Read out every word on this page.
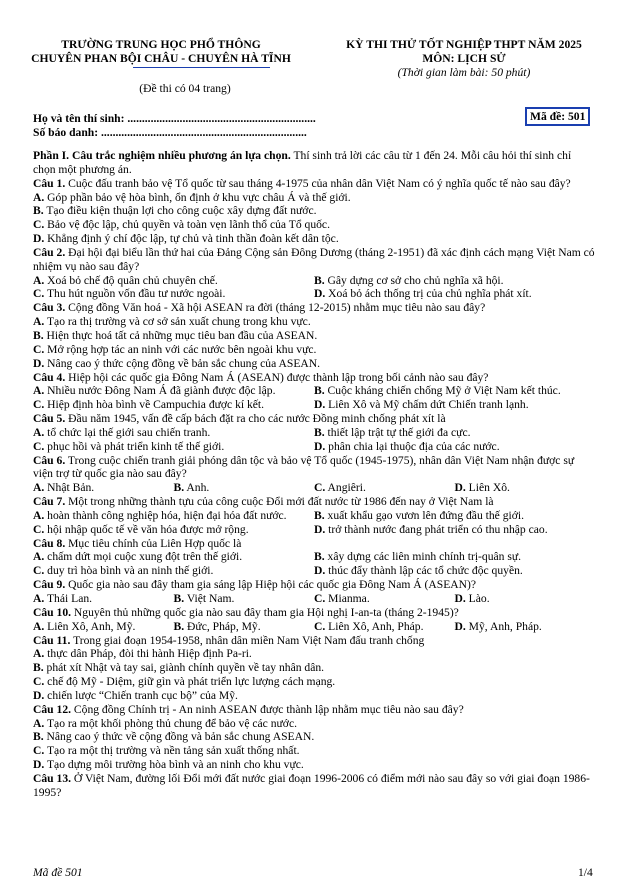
TRƯỜNG TRUNG HỌC PHỔ THÔNG
CHUYÊN PHAN BỘI CHÂU - CHUYÊN HÀ TĨNH
(Đề thi có 04 trang)
KỲ THI THỬ TỐT NGHIỆP THPT NĂM 2025
MÔN: LỊCH SỬ
(Thời gian làm bài: 50 phút)
Họ và tên thí sinh: .................................................................
Số báo danh: .......................................................................
Mã đề: 501

Phần I. Câu trắc nghiệm nhiều phương án lựa chọn. Thí sinh trả lời các câu từ 1 đến 24. Mỗi câu hỏi thí sinh chỉ chọn một phương án.

Câu 1. Cuộc đấu tranh bảo vệ Tổ quốc từ sau tháng 4-1975 của nhân dân Việt Nam có ý nghĩa quốc tế nào sau đây?

A. Góp phần bảo vệ hòa bình, ổn định ở khu vực châu Á và thế giới.
B. Tạo điều kiện thuận lợi cho công cuộc xây dựng đất nước.
C. Bảo vệ độc lập, chủ quyền và toàn vẹn lãnh thổ của Tổ quốc.
D. Khẳng định ý chí độc lập, tự chủ và tinh thần đoàn kết dân tộc.

Câu 2. Đại hội đại biểu lần thứ hai của Đảng Cộng sản Đông Dương (tháng 2-1951) đã xác định cách mạng Việt Nam có nhiệm vụ nào sau đây?

A. Xoá bỏ chế độ quân chủ chuyên chế.	B. Gây dựng cơ sở cho chủ nghĩa xã hội.
C. Thu hút nguồn vốn đầu tư nước ngoài.	D. Xoá bỏ ách thống trị của chủ nghĩa phát xít.

Câu 3. Cộng đồng Văn hoá - Xã hội ASEAN ra đời (tháng 12-2015) nhằm mục tiêu nào sau đây?

A. Tạo ra thị trường và cơ sở sản xuất chung trong khu vực.
B. Hiện thực hoá tất cả những mục tiêu ban đầu của ASEAN.
C. Mở rộng hợp tác an ninh với các nước bên ngoài khu vực.
D. Nâng cao ý thức cộng đồng về bản sắc chung của ASEAN.

Câu 4. Hiệp hội các quốc gia Đông Nam Á (ASEAN) được thành lập trong bối cảnh nào sau đây?

A. Nhiều nước Đông Nam Á đã giành được độc lập.	B. Cuộc kháng chiến chống Mỹ ở Việt Nam kết thúc.
C. Hiệp định hòa bình về Campuchia được kí kết.	D. Liên Xô và Mỹ chấm dứt Chiến tranh lạnh.

Câu 5. Đầu năm 1945, vấn đề cấp bách đặt ra cho các nước Đồng minh chống phát xít là

A. tổ chức lại thế giới sau chiến tranh.	B. thiết lập trật tự thế giới đa cực.
C. phục hồi và phát triển kinh tế thế giới.	D. phân chia lại thuộc địa của các nước.

Câu 6. Trong cuộc chiến tranh giải phóng dân tộc và bảo vệ Tổ quốc (1945-1975), nhân dân Việt Nam nhận được sự viện trợ từ quốc gia nào sau đây?

A. Nhật Bản.	B. Anh.	C. Angiêri.	D. Liên Xô.

Câu 7. Một trong những thành tựu của công cuộc Đổi mới đất nước từ 1986 đến nay ở Việt Nam là

A. hoàn thành công nghiệp hóa, hiện đại hóa đất nước.	B. xuất khẩu gạo vươn lên đứng đầu thế giới.
C. hội nhập quốc tế về văn hóa được mở rộng.	D. trở thành nước đang phát triển có thu nhập cao.

Câu 8. Mục tiêu chính của Liên Hợp quốc là

A. chấm dứt mọi cuộc xung đột trên thế giới.	B. xây dựng các liên minh chính trị-quân sự.
C. duy trì hòa bình và an ninh thế giới.	D. thúc đẩy thành lập các tổ chức độc quyền.

Câu 9. Quốc gia nào sau đây tham gia sáng lập Hiệp hội các quốc gia Đông Nam Á (ASEAN)?

A. Thái Lan.	B. Việt Nam.	C. Mianma.	D. Lào.

Câu 10. Nguyên thủ những quốc gia nào sau đây tham gia Hội nghị I-an-ta (tháng 2-1945)?

A. Liên Xô, Anh, Mỹ.	B. Đức, Pháp, Mỹ.	C. Liên Xô, Anh, Pháp.	D. Mỹ, Anh, Pháp.

Câu 11. Trong giai đoạn 1954-1958, nhân dân miền Nam Việt Nam đấu tranh chống

A. thực dân Pháp, đòi thi hành Hiệp định Pa-ri.
B. phát xít Nhật và tay sai, giành chính quyền về tay nhân dân.
C. chế độ Mỹ - Diệm, giữ gìn và phát triển lực lượng cách mạng.
D. chiến lược “Chiến tranh cục bộ” của Mỹ.

Câu 12. Cộng đồng Chính trị - An ninh ASEAN được thành lập nhằm mục tiêu nào sau đây?

A. Tạo ra một khối phòng thủ chung để bảo vệ các nước.
B. Nâng cao ý thức về cộng đồng và bản sắc chung ASEAN.
C. Tạo ra một thị trường và nền tảng sản xuất thống nhất.
D. Tạo dựng môi trường hòa bình và an ninh cho khu vực.

Câu 13. Ở Việt Nam, đường lối Đổi mới đất nước giai đoạn 1996-2006 có điểm mới nào sau đây so với giai đoạn 1986-1995?

Mã đề 501	1/4
